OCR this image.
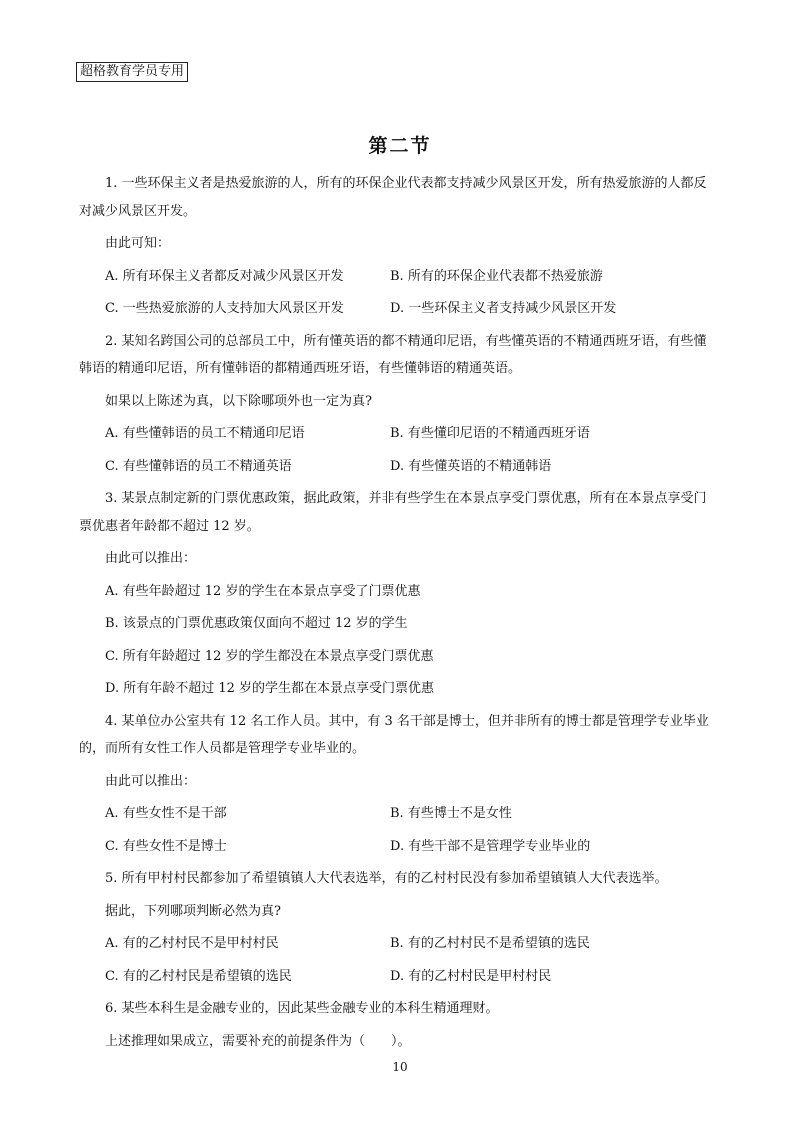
超格教育学员专用
第二节

1. 一些环保主义者是热爱旅游的人，所有的环保企业代表都支持减少风景区开发，所有热爱旅游的人都反对减少风景区开发。

由此可知：

A. 所有环保主义者都反对减少风景区开发	B. 所有的环保企业代表都不热爱旅游
C. 一些热爱旅游的人支持加大风景区开发	D. 一些环保主义者支持减少风景区开发

2. 某知名跨国公司的总部员工中，所有懂英语的都不精通印尼语，有些懂英语的不精通西班牙语，有些懂韩语的精通印尼语，所有懂韩语的都精通西班牙语，有些懂韩语的精通英语。

如果以上陈述为真，以下除哪项外也一定为真?

A. 有些懂韩语的员工不精通印尼语	B. 有些懂印尼语的不精通西班牙语
C. 有些懂韩语的员工不精通英语	D. 有些懂英语的不精通韩语

3. 某景点制定新的门票优惠政策，据此政策，并非有些学生在本景点享受门票优惠，所有在本景点享受门票优惠者年龄都不超过 12 岁。

由此可以推出：

A. 有些年龄超过 12 岁的学生在本景点享受了门票优惠
B. 该景点的门票优惠政策仅面向不超过 12 岁的学生
C. 所有年龄超过 12 岁的学生都没在本景点享受门票优惠
D. 所有年龄不超过 12 岁的学生都在本景点享受门票优惠

4. 某单位办公室共有 12 名工作人员。其中，有 3 名干部是博士，但并非所有的博士都是管理学专业毕业的，而所有女性工作人员都是管理学专业毕业的。

由此可以推出：

A. 有些女性不是干部	B. 有些博士不是女性
C. 有些女性不是博士	D. 有些干部不是管理学专业毕业的

5. 所有甲村村民都参加了希望镇镇人大代表选举，有的乙村村民没有参加希望镇镇人大代表选举。

据此，下列哪项判断必然为真?

A. 有的乙村村民不是甲村村民	B. 有的乙村村民不是希望镇的选民
C. 有的乙村村民是希望镇的选民	D. 有的乙村村民是甲村村民

6. 某些本科生是金融专业的，因此某些金融专业的本科生精通理财。

上述推理如果成立，需要补充的前提条件为（　　）。

10
